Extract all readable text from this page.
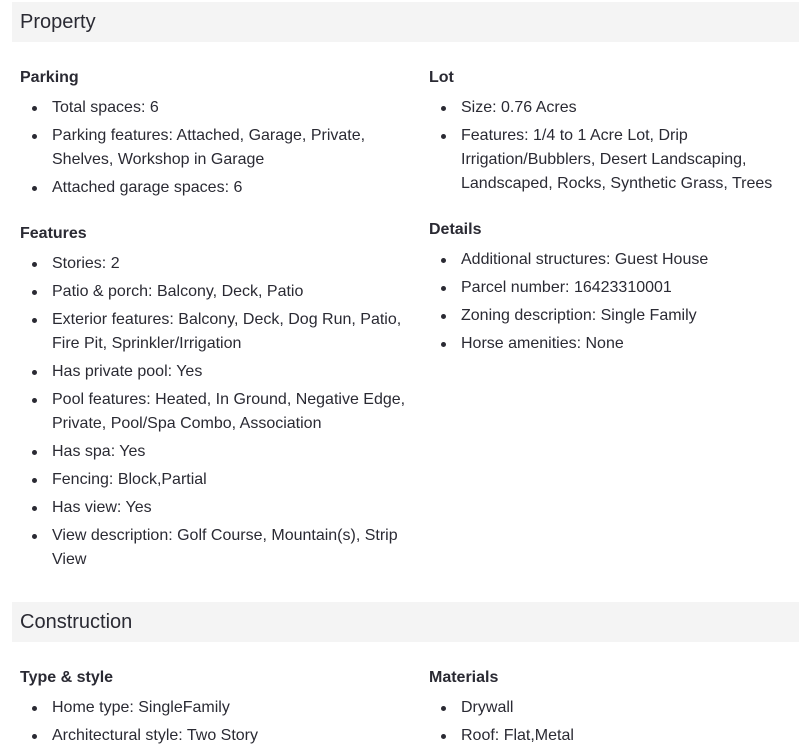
Property
Parking
Total spaces: 6
Parking features: Attached, Garage, Private, Shelves, Workshop in Garage
Attached garage spaces: 6
Features
Stories: 2
Patio & porch: Balcony, Deck, Patio
Exterior features: Balcony, Deck, Dog Run, Patio, Fire Pit, Sprinkler/Irrigation
Has private pool: Yes
Pool features: Heated, In Ground, Negative Edge, Private, Pool/Spa Combo, Association
Has spa: Yes
Fencing: Block,Partial
Has view: Yes
View description: Golf Course, Mountain(s), Strip View
Lot
Size: 0.76 Acres
Features: 1/4 to 1 Acre Lot, Drip Irrigation/Bubblers, Desert Landscaping, Landscaped, Rocks, Synthetic Grass, Trees
Details
Additional structures: Guest House
Parcel number: 16423310001
Zoning description: Single Family
Horse amenities: None
Construction
Type & style
Home type: SingleFamily
Architectural style: Two Story
Materials
Drywall
Roof: Flat,Metal
